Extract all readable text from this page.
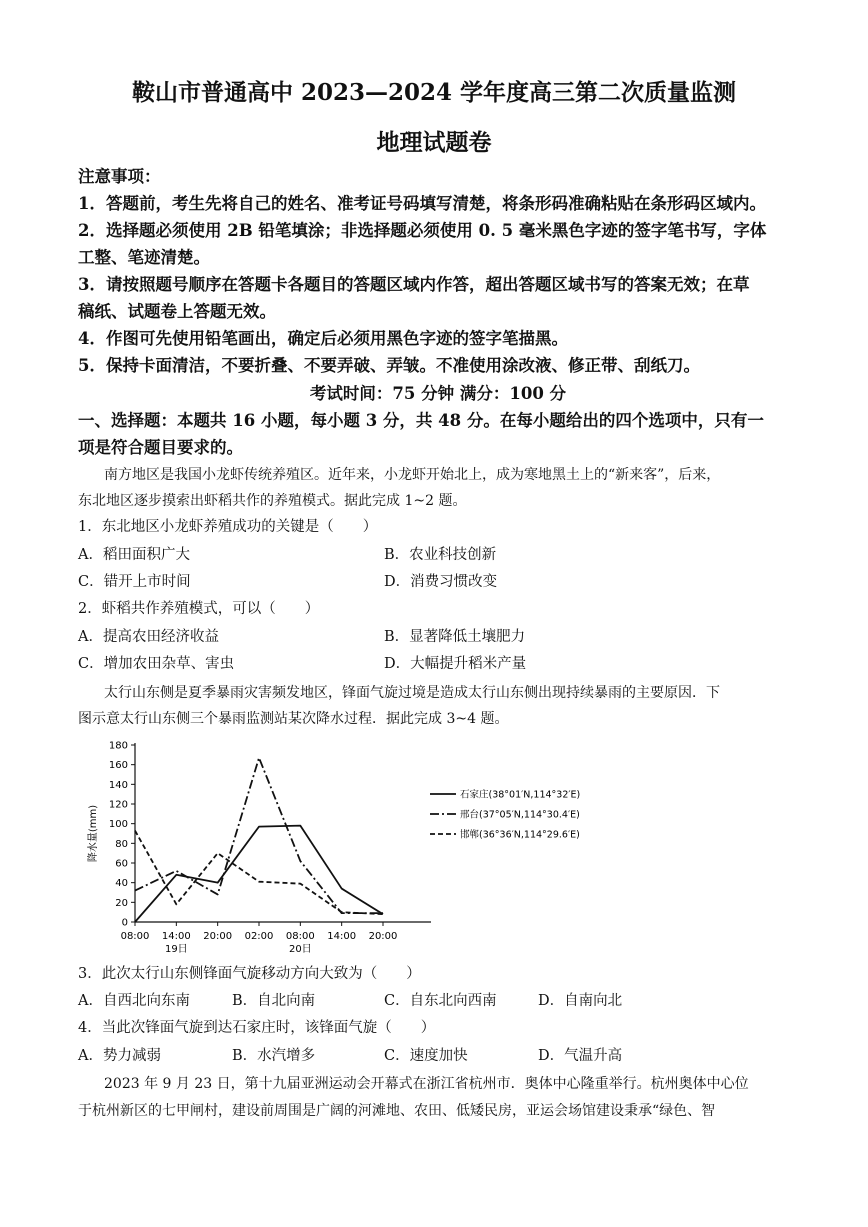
鞍山市普通高中 2023—2024 学年度高三第二次质量监测
地理试题卷
注意事项：
1．答题前，考生先将自己的姓名、准考证号码填写清楚，将条形码准确粘贴在条形码区域内。
2．选择题必须使用 2B 铅笔填涂；非选择题必须使用 0. 5 毫米黑色字迹的签字笔书写，字体
工整、笔迹清楚。
3．请按照题号顺序在答题卡各题目的答题区域内作答，超出答题区域书写的答案无效；在草
稿纸、试题卷上答题无效。
4．作图可先使用铅笔画出，确定后必须用黑色字迹的签字笔描黑。
5．保持卡面清洁，不要折叠、不要弄破、弄皱。不准使用涂改液、修正带、刮纸刀。
考试时间：75 分钟 满分：100 分
一、选择题：本题共 16 小题，每小题 3 分，共 48 分。在每小题给出的四个选项中，只有一
项是符合题目要求的。
南方地区是我国小龙虾传统养殖区。近年来，小龙虾开始北上，成为寒地黑土上的“新来客”，后来，
东北地区逐步摸索出虾稻共作的养殖模式。据此完成 1~2 题。
1．东北地区小龙虾养殖成功的关键是（　　）
A．稻田面积广大	B．农业科技创新
C．错开上市时间	D．消费习惯改变
2．虾稻共作养殖模式，可以（　　）
A．提高农田经济收益	B．显著降低土壤肥力
C．增加农田杂草、害虫	D．大幅提升稻米产量
太行山东侧是夏季暴雨灾害频发地区，锋面气旋过境是造成太行山东侧出现持续暴雨的主要原因．下
图示意太行山东侧三个暴雨监测站某次降水过程．据此完成 3~4 题。
降水量(mm)
0
20
40
60
80
100
120
140
160
180
08:00 14:00 20:00 02:00 08:00 14:00 20:00
19日	20日
石家庄(38°01′N,114°32′E)
邢台(37°05′N,114°30.4′E)
邯郸(36°36′N,114°29.6′E)
3．此次太行山东侧锋面气旋移动方向大致为（　　）
A．自西北向东南	B．自北向南	C．自东北向西南	D．自南向北
4．当此次锋面气旋到达石家庄时，该锋面气旋（　　）
A．势力减弱	B．水汽增多	C．速度加快	D．气温升高
2023 年 9 月 23 日，第十九届亚洲运动会开幕式在浙江省杭州市．奥体中心隆重举行。杭州奥体中心位
于杭州新区的七甲闸村，建设前周围是广阔的河滩地、农田、低矮民房，亚运会场馆建设秉承“绿色、智
